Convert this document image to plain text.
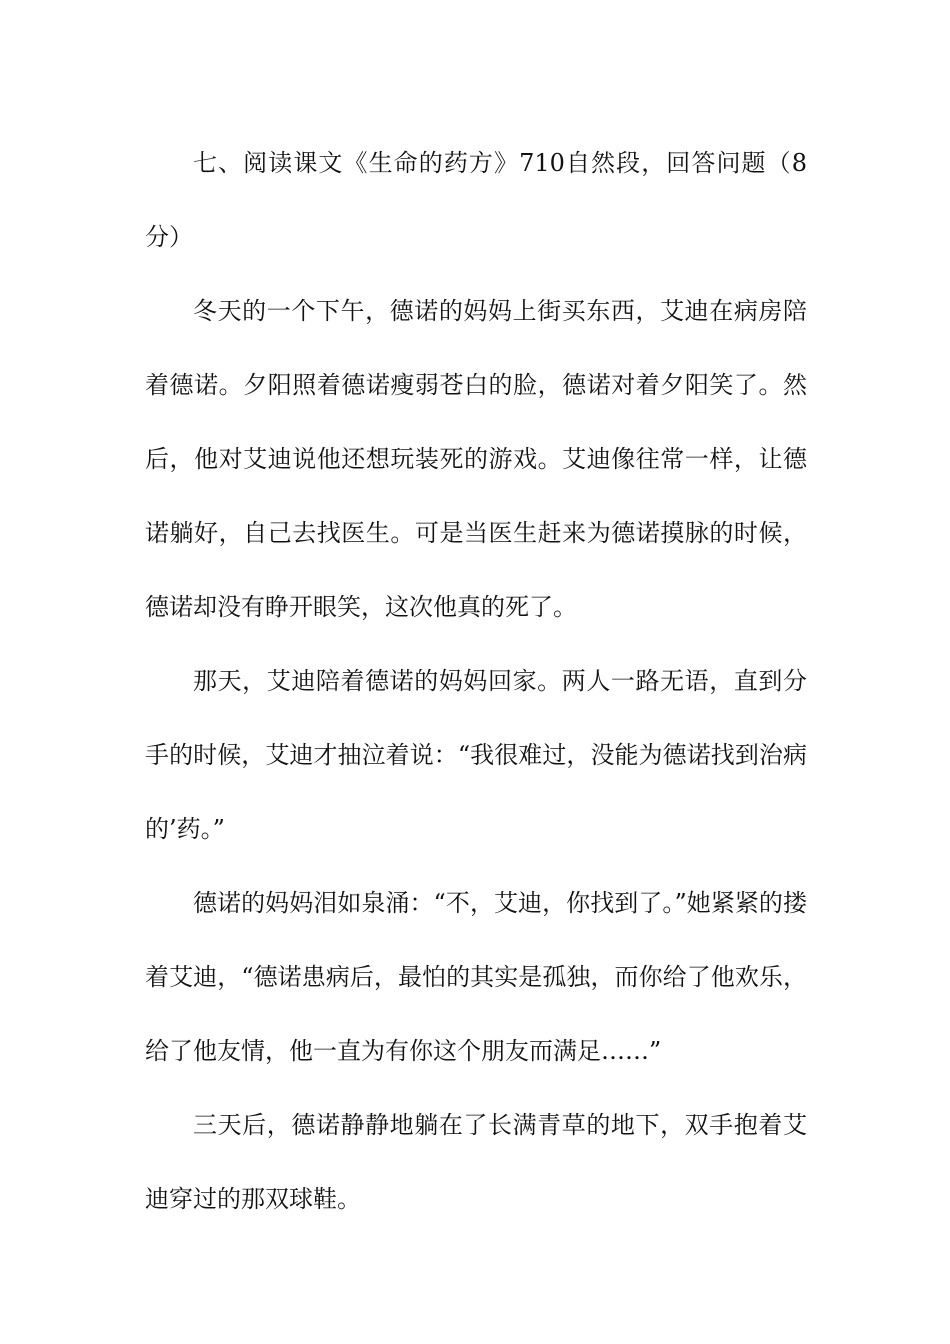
七、阅读课文《生命的药方》710自然段，回答问题（8分）

冬天的一个下午，德诺的妈妈上街买东西，艾迪在病房陪着德诺。夕阳照着德诺瘦弱苍白的脸，德诺对着夕阳笑了。然后，他对艾迪说他还想玩装死的游戏。艾迪像往常一样，让德诺躺好，自己去找医生。可是当医生赶来为德诺摸脉的时候，德诺却没有睁开眼笑，这次他真的死了。

那天，艾迪陪着德诺的妈妈回家。两人一路无语，直到分手的时候，艾迪才抽泣着说：“我很难过，没能为德诺找到治病的’药。”

德诺的妈妈泪如泉涌：“不，艾迪，你找到了。”她紧紧的搂着艾迪，“德诺患病后，最怕的其实是孤独，而你给了他欢乐，给了他友情，他一直为有你这个朋友而满足……”

三天后，德诺静静地躺在了长满青草的地下，双手抱着艾迪穿过的那双球鞋。
